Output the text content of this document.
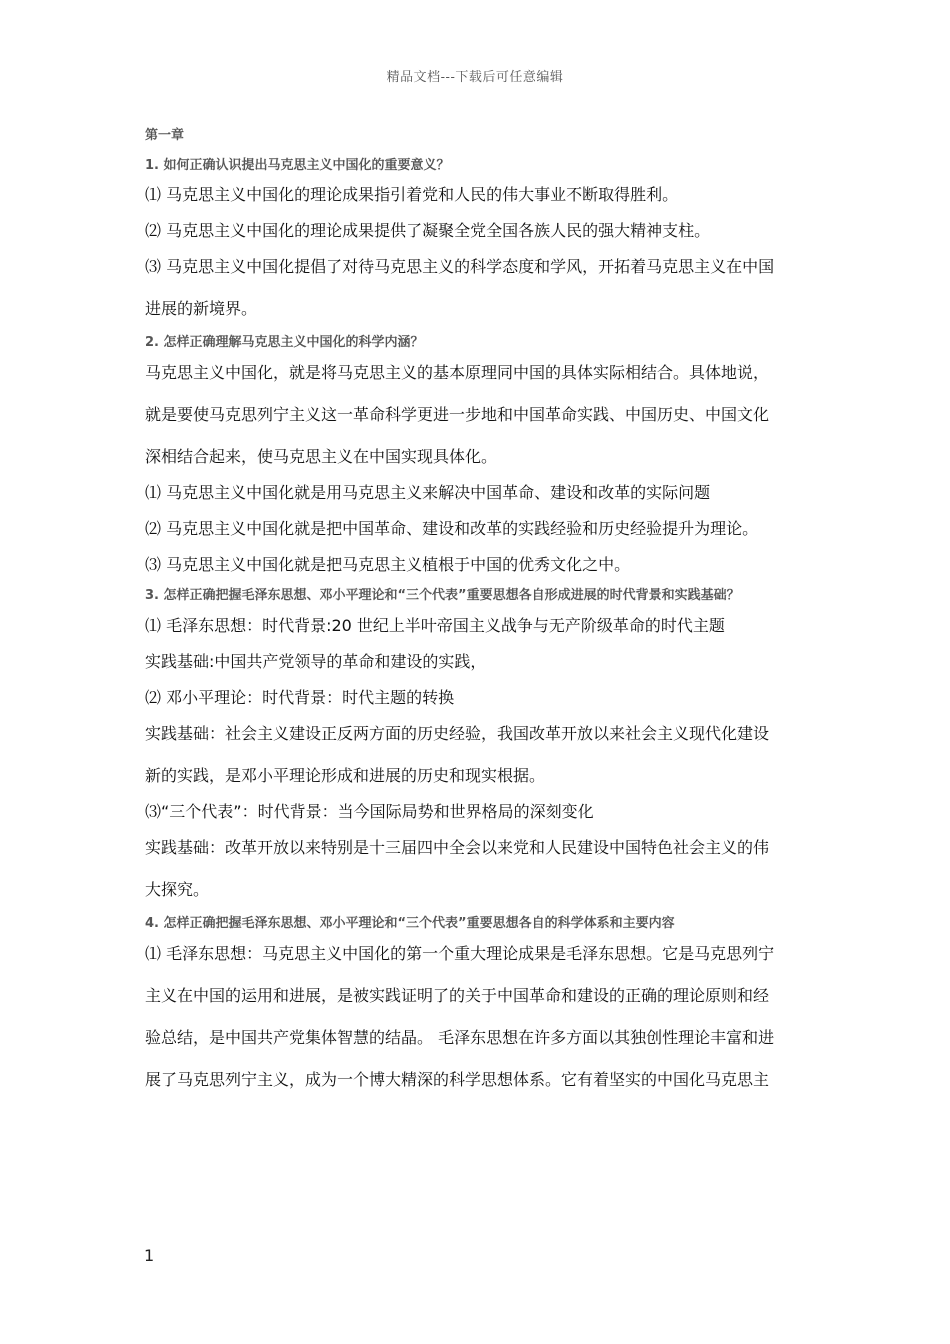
精品文档---下载后可任意编辑

第一章

1. 如何正确认识提出马克思主义中国化的重要意义？

⑴ 马克思主义中国化的理论成果指引着党和人民的伟大事业不断取得胜利。

⑵ 马克思主义中国化的理论成果提供了凝聚全党全国各族人民的强大精神支柱。

⑶ 马克思主义中国化提倡了对待马克思主义的科学态度和学风，开拓着马克思主义在中国

进展的新境界。

2. 怎样正确理解马克思主义中国化的科学内涵？

马克思主义中国化，就是将马克思主义的基本原理同中国的具体实际相结合。具体地说，

就是要使马克思列宁主义这一革命科学更进一步地和中国革命实践、中国历史、中国文化

深相结合起来，使马克思主义在中国实现具体化。

⑴ 马克思主义中国化就是用马克思主义来解决中国革命、建设和改革的实际问题

⑵ 马克思主义中国化就是把中国革命、建设和改革的实践经验和历史经验提升为理论。

⑶ 马克思主义中国化就是把马克思主义植根于中国的优秀文化之中。

3. 怎样正确把握毛泽东思想、邓小平理论和“三个代表”重要思想各自形成进展的时代背景和实践基础？

⑴ 毛泽东思想：时代背景:20 世纪上半叶帝国主义战争与无产阶级革命的时代主题

实践基础:中国共产党领导的革命和建设的实践，

⑵ 邓小平理论：时代背景：时代主题的转换

实践基础：社会主义建设正反两方面的历史经验，我国改革开放以来社会主义现代化建设

新的实践，是邓小平理论形成和进展的历史和现实根据。

⑶“三个代表”：时代背景：当今国际局势和世界格局的深刻变化

实践基础：改革开放以来特别是十三届四中全会以来党和人民建设中国特色社会主义的伟

大探究。

4. 怎样正确把握毛泽东思想、邓小平理论和“三个代表”重要思想各自的科学体系和主要内容

⑴ 毛泽东思想：马克思主义中国化的第一个重大理论成果是毛泽东思想。它是马克思列宁

主义在中国的运用和进展，是被实践证明了的关于中国革命和建设的正确的理论原则和经

验总结，是中国共产党集体智慧的结晶。 毛泽东思想在许多方面以其独创性理论丰富和进

展了马克思列宁主义，成为一个博大精深的科学思想体系。它有着坚实的中国化马克思主

1
